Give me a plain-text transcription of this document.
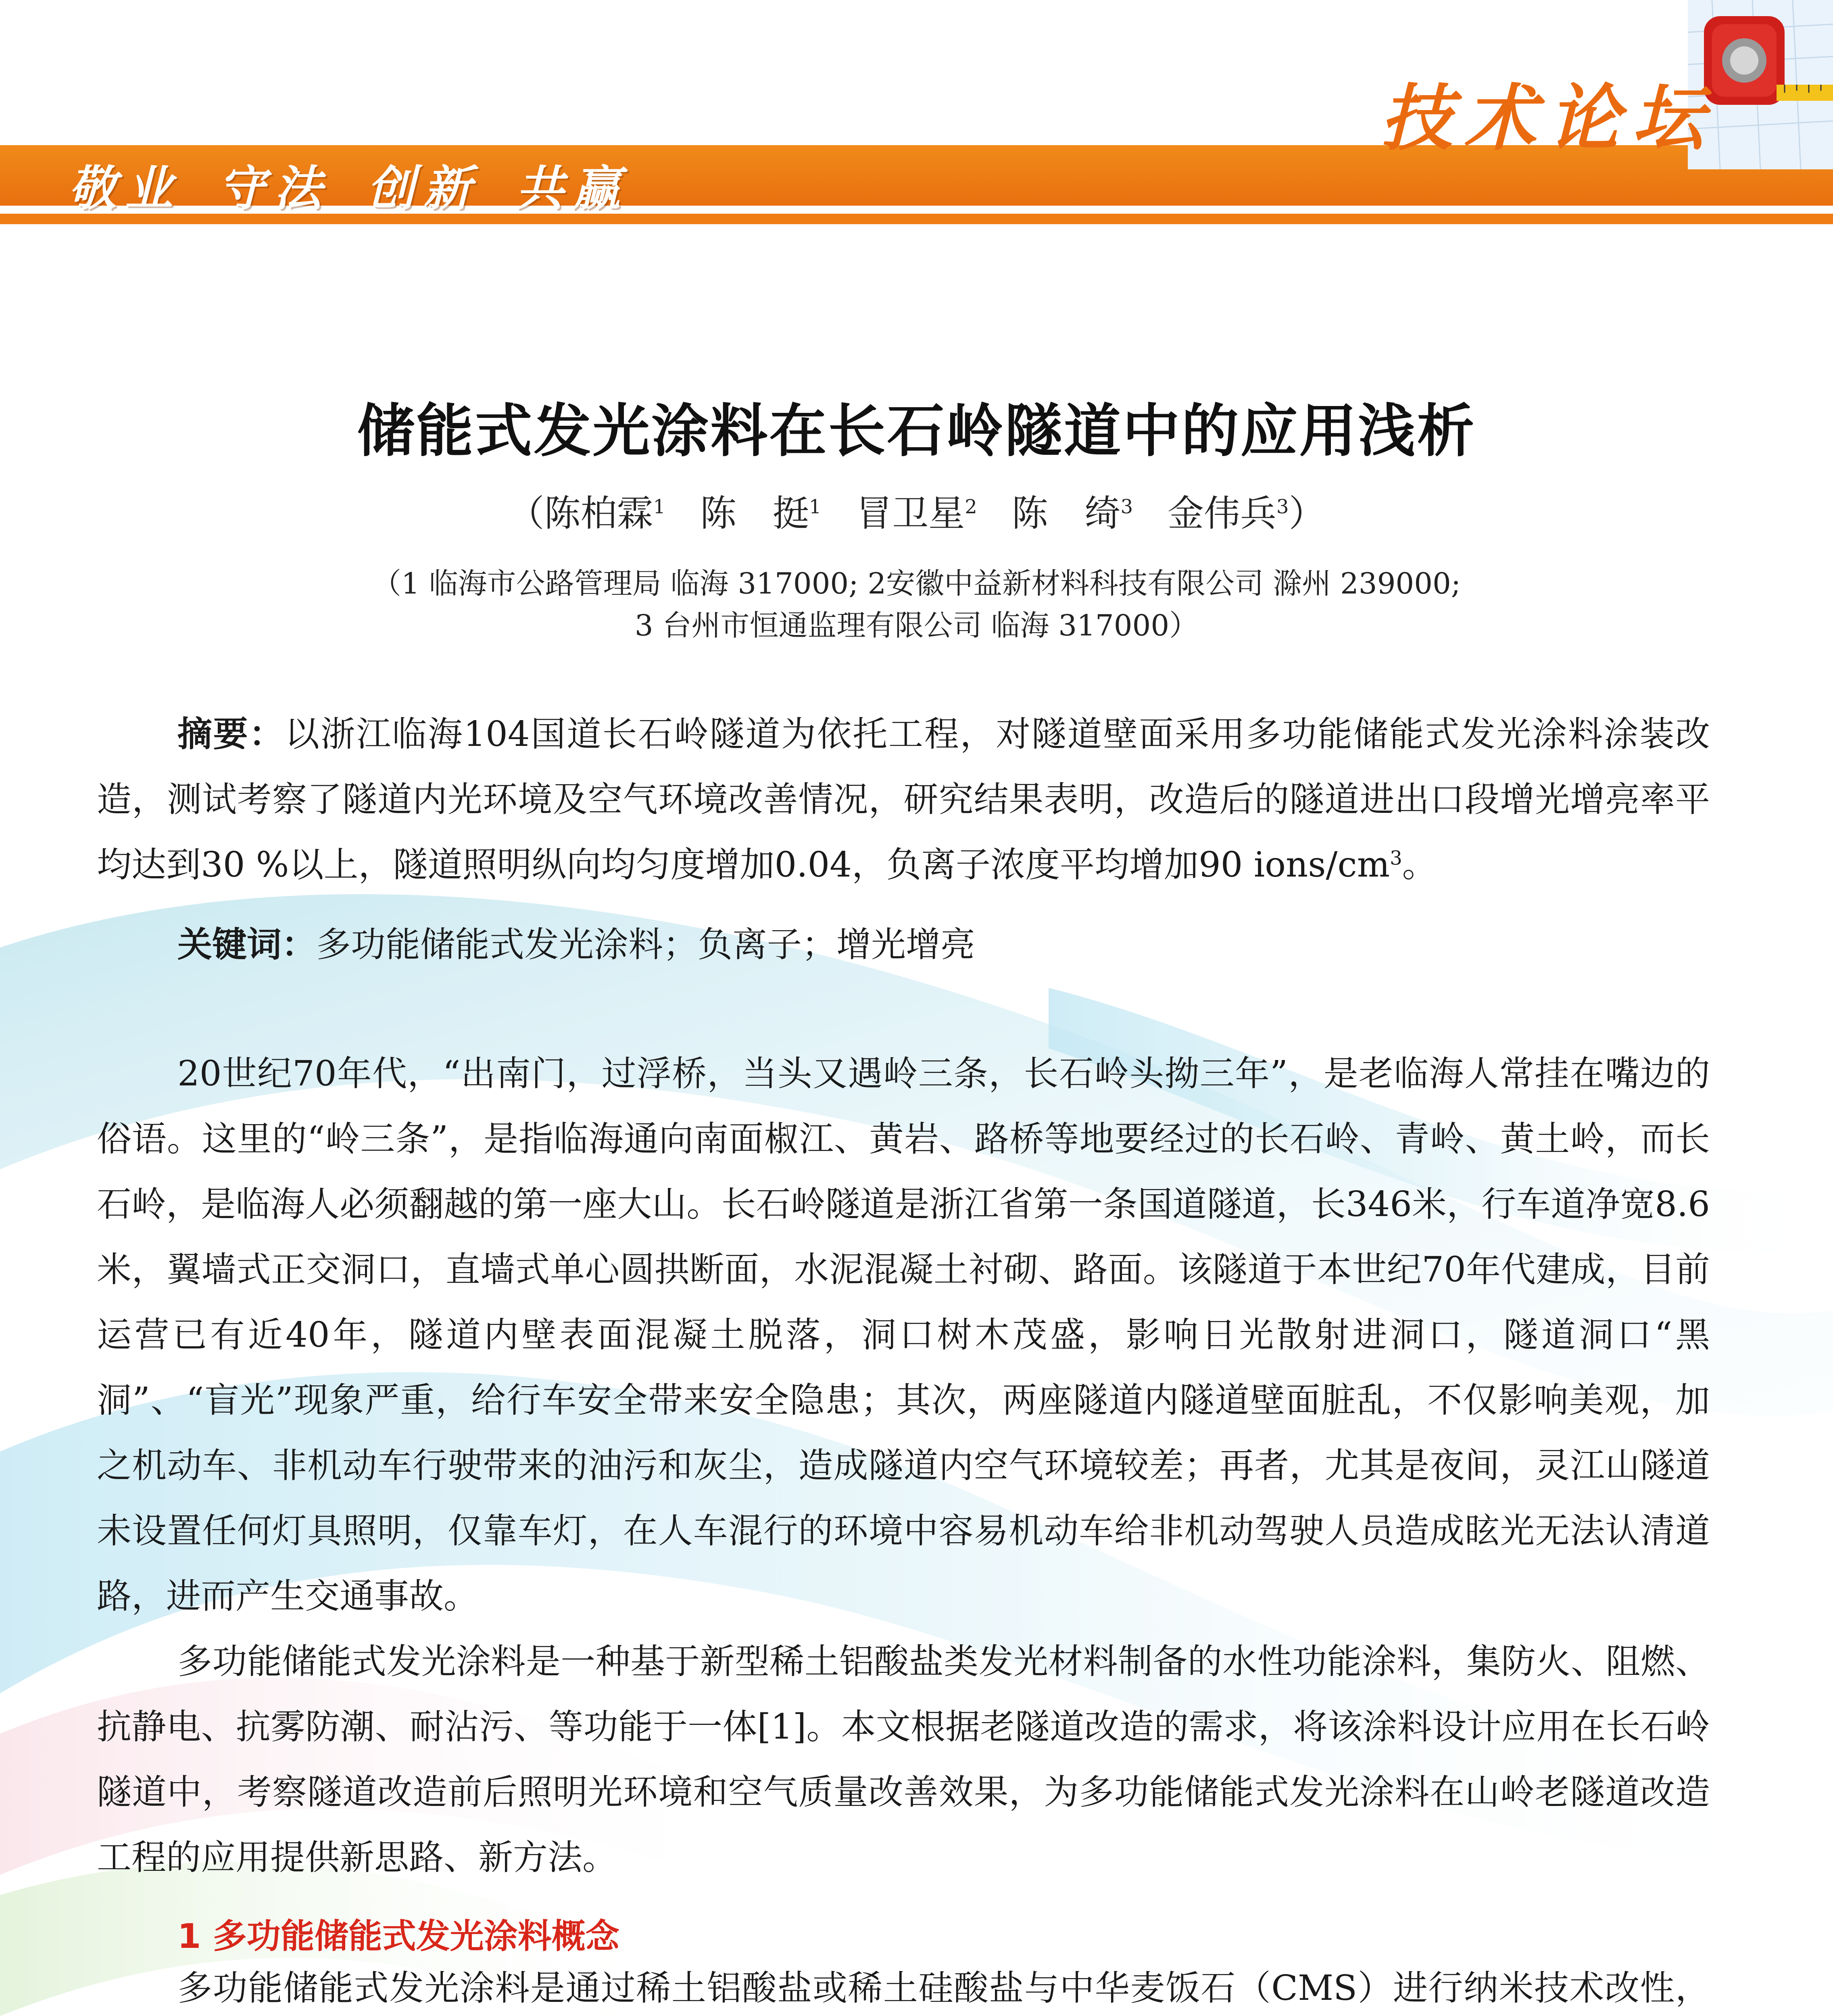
敬业 守法 创新 共赢
技术论坛
储能式发光涂料在长石岭隧道中的应用浅析
（陈柏霖$^1$ 陈　挺$^1$ 冒卫星$^2$ 陈　绮$^3$ 金伟兵$^3$）
（1 临海市公路管理局 临海 317000; 2安徽中益新材料科技有限公司 滁州 239000;
3 台州市恒通监理有限公司 临海 317000）
摘要：以浙江临海104国道长石岭隧道为依托工程，对隧道壁面采用多功能储能式发光涂料涂装改造，测试考察了隧道内光环境及空气环境改善情况，研究结果表明，改造后的隧道进出口段增光增亮率平均达到30 %以上，隧道照明纵向均匀度增加0.04，负离子浓度平均增加90 ions/$cm^3$。
关键词：多功能储能式发光涂料；负离子；增光增亮
20世纪70年代，“出南门，过浮桥，当头又遇岭三条，长石岭头拗三年”，是老临海人常挂在嘴边的俗语。这里的“岭三条”，是指临海通向南面椒江、黄岩、路桥等地要经过的长石岭、青岭、黄土岭，而长石岭，是临海人必须翻越的第一座大山。长石岭隧道是浙江省第一条国道隧道，长346米，行车道净宽8.6米，翼墙式正交洞口，直墙式单心圆拱断面，水泥混凝土衬砌、路面。该隧道于本世纪70年代建成，目前运营已有近40年，隧道内壁表面混凝土脱落，洞口树木茂盛，影响日光散射进洞口，隧道洞口“黑洞”、“盲光”现象严重，给行车安全带来安全隐患；其次，两座隧道内隧道壁面脏乱，不仅影响美观，加之机动车、非机动车行驶带来的油污和灰尘，造成隧道内空气环境较差；再者，尤其是夜间，灵江山隧道未设置任何灯具照明，仅靠车灯，在人车混行的环境中容易机动车给非机动驾驶人员造成眩光无法认清道路，进而产生交通事故。
多功能储能式发光涂料是一种基于新型稀土铝酸盐类发光材料制备的水性功能涂料，集防火、阻燃、抗静电、抗雾防潮、耐沾污、等功能于一体[1]。本文根据老隧道改造的需求，将该涂料设计应用在长石岭隧道中，考察隧道改造前后照明光环境和空气质量改善效果，为多功能储能式发光涂料在山岭老隧道改造工程的应用提供新思路、新方法。
1 多功能储能式发光涂料概念
多功能储能式发光涂料是通过稀土铝酸盐或稀土硅酸盐与中华麦饭石（CMS）进行纳米技术改性，
